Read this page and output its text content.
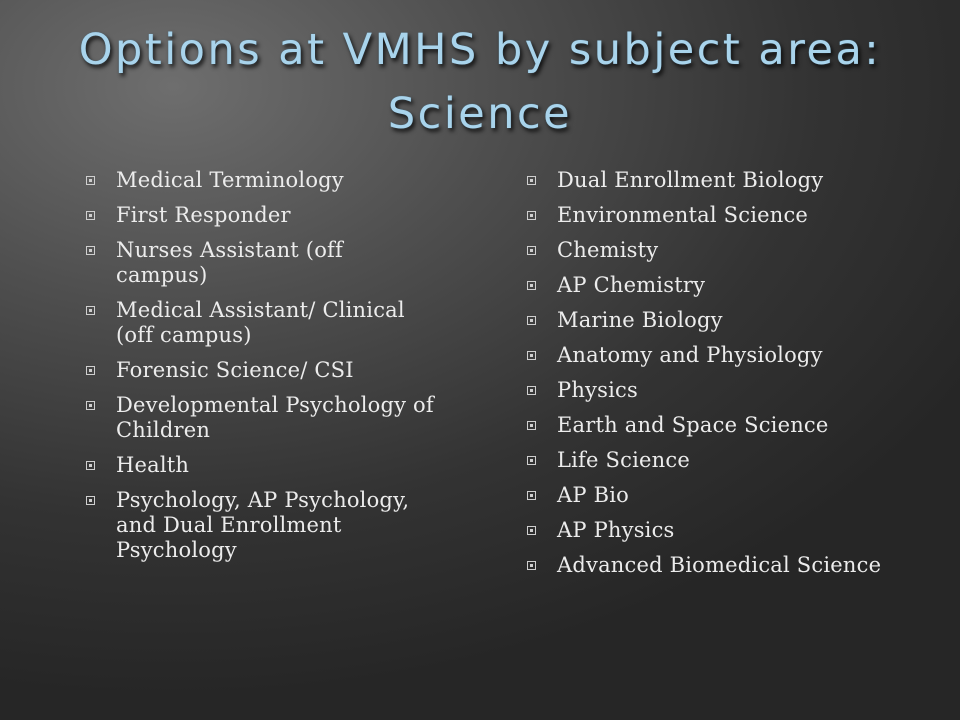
Options at VMHS by subject area: Science
Medical Terminology
First Responder
Nurses Assistant (off campus)
Medical Assistant/ Clinical (off campus)
Forensic Science/ CSI
Developmental Psychology of Children
Health
Psychology, AP Psychology, and Dual Enrollment Psychology
Dual Enrollment Biology
Environmental Science
Chemisty
AP Chemistry
Marine Biology
Anatomy and Physiology
Physics
Earth and Space Science
Life Science
AP Bio
AP Physics
Advanced Biomedical Science
